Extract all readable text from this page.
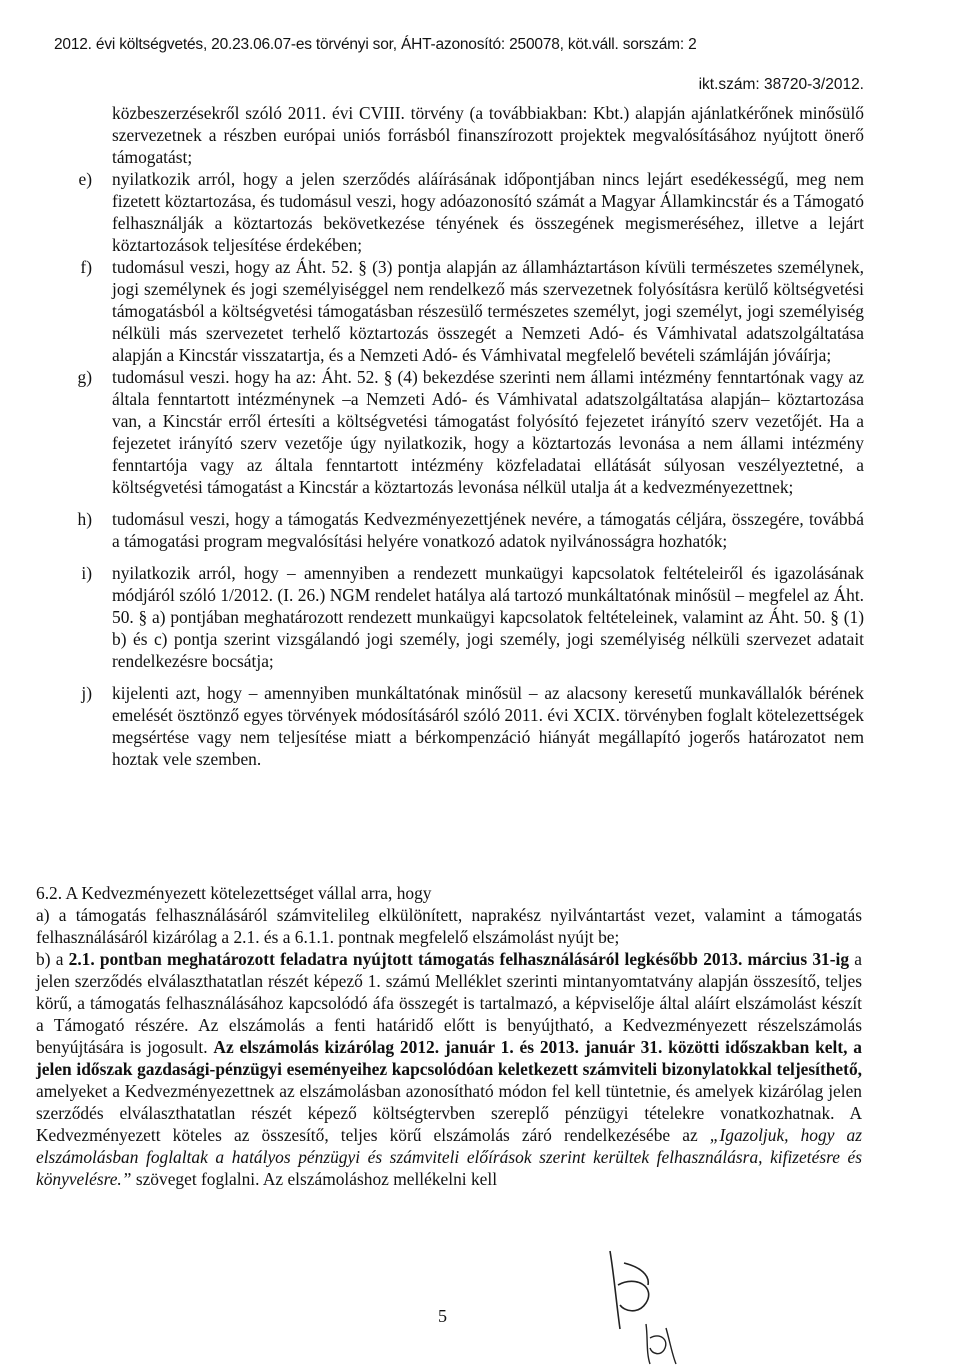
2012. évi költségvetés, 20.23.06.07-es törvényi sor, ÁHT-azonosító: 250078, köt.váll. sorszám: 2
ikt.szám: 38720-3/2012.
közbeszerzésekről szóló 2011. évi CVIII. törvény (a továbbiakban: Kbt.) alapján ajánlatkérőnek minősülő szervezetnek a részben európai uniós forrásból finanszírozott projektek megvalósításához nyújtott önerő támogatást;
e) nyilatkozik arról, hogy a jelen szerződés aláírásának időpontjában nincs lejárt esedékességű, meg nem fizetett köztartozása, és tudomásul veszi, hogy adóazonosító számát a Magyar Államkincstár és a Támogató felhasználják a köztartozás bekövetkezése tényének és összegének megismeréséhez, illetve a lejárt köztartozások teljesítése érdekében;
f) tudomásul veszi, hogy az Áht. 52. § (3) pontja alapján az államháztartáson kívüli természetes személynek, jogi személynek és jogi személyiséggel nem rendelkező más szervezetnek folyósításra kerülő költségvetési támogatásból a költségvetési támogatásban részesülő természetes személyt, jogi személyt, jogi személyiség nélküli más szervezetet terhelő köztartozás összegét a Nemzeti Adó- és Vámhivatal adatszolgáltatása alapján a Kincstár visszatartja, és a Nemzeti Adó- és Vámhivatal megfelelő bevételi számláján jóváírja;
g) tudomásul veszi. hogy ha az: Áht. 52. § (4) bekezdése szerinti nem állami intézmény fenntartónak vagy az általa fenntartott intézménynek –a Nemzeti Adó- és Vámhivatal adatszolgáltatása alapján– köztartozása van, a Kincstár erről értesíti a költségvetési támogatást folyósító fejezetet irányító szerv vezetőjét. Ha a fejezetet irányító szerv vezetője úgy nyilatkozik, hogy a köztartozás levonása a nem állami intézmény fenntartója vagy az általa fenntartott intézmény közfeladatai ellátását súlyosan veszélyeztetné, a költségvetési támogatást a Kincstár a köztartozás levonása nélkül utalja át a kedvezményezettnek;
h) tudomásul veszi, hogy a támogatás Kedvezményezettjének nevére, a támogatás céljára, összegére, továbbá a támogatási program megvalósítási helyére vonatkozó adatok nyilvánosságra hozhatók;
i) nyilatkozik arról, hogy – amennyiben a rendezett munkaügyi kapcsolatok feltételeiről és igazolásának módjáról szóló 1/2012. (I. 26.) NGM rendelet hatálya alá tartozó munkáltatónak minősül – megfelel az Áht. 50. § a) pontjában meghatározott rendezett munkaügyi kapcsolatok feltételeinek, valamint az Áht. 50. § (1) b) és c) pontja szerint vizsgálandó jogi személy, jogi személy, jogi személyiség nélküli szervezet adatait rendelkezésre bocsátja;
j) kijelenti azt, hogy – amennyiben munkáltatónak minősül – az alacsony keresetű munkavállalók bérének emelését ösztönző egyes törvények módosításáról szóló 2011. évi XCIX. törvényben foglalt kötelezettségek megsértése vagy nem teljesítése miatt a bérkompenzáció hiányát megállapító jogerős határozatot nem hoztak vele szemben.

6.2. A Kedvezményezett kötelezettséget vállal arra, hogy

a) a támogatás felhasználásáról számvitelileg elkülönített, naprakész nyilvántartást vezet, valamint a támogatás felhasználásáról kizárólag a 2.1. és a 6.1.1. pontnak megfelelő elszámolást nyújt be;

b) a 2.1. pontban meghatározott feladatra nyújtott támogatás felhasználásáról legkésőbb 2013. március 31-ig a jelen szerződés elválaszthatatlan részét képező 1. számú Melléklet szerinti mintanyomtatvány alapján összesítő, teljes körű, a támogatás felhasználásához kapcsolódó áfa összegét is tartalmazó, a képviselője által aláírt elszámolást készít a Támogató részére. Az elszámolás a fenti határidő előtt is benyújtható, a Kedvezményezett részelszámolás benyújtására is jogosult. Az elszámolás kizárólag 2012. január 1. és 2013. január 31. közötti időszakban kelt, a jelen időszak gazdasági-pénzügyi eseményeihez kapcsolódóan keletkezett számviteli bizonylatokkal teljesíthető, amelyeket a Kedvezményezettnek az elszámolásban azonosítható módon fel kell tüntetnie, és amelyek kizárólag jelen szerződés elválaszthatatlan részét képező költségtervben szereplő pénzügyi tételekre vonatkozhatnak. A Kedvezményezett köteles az összesítő, teljes körű elszámolás záró rendelkezésébe az „Igazoljuk, hogy az elszámolásban foglaltak a hatályos pénzügyi és számviteli előírások szerint kerültek felhasználásra, kifizetésre és könyvelésre.” szöveget foglalni. Az elszámoláshoz mellékelni kell

5
